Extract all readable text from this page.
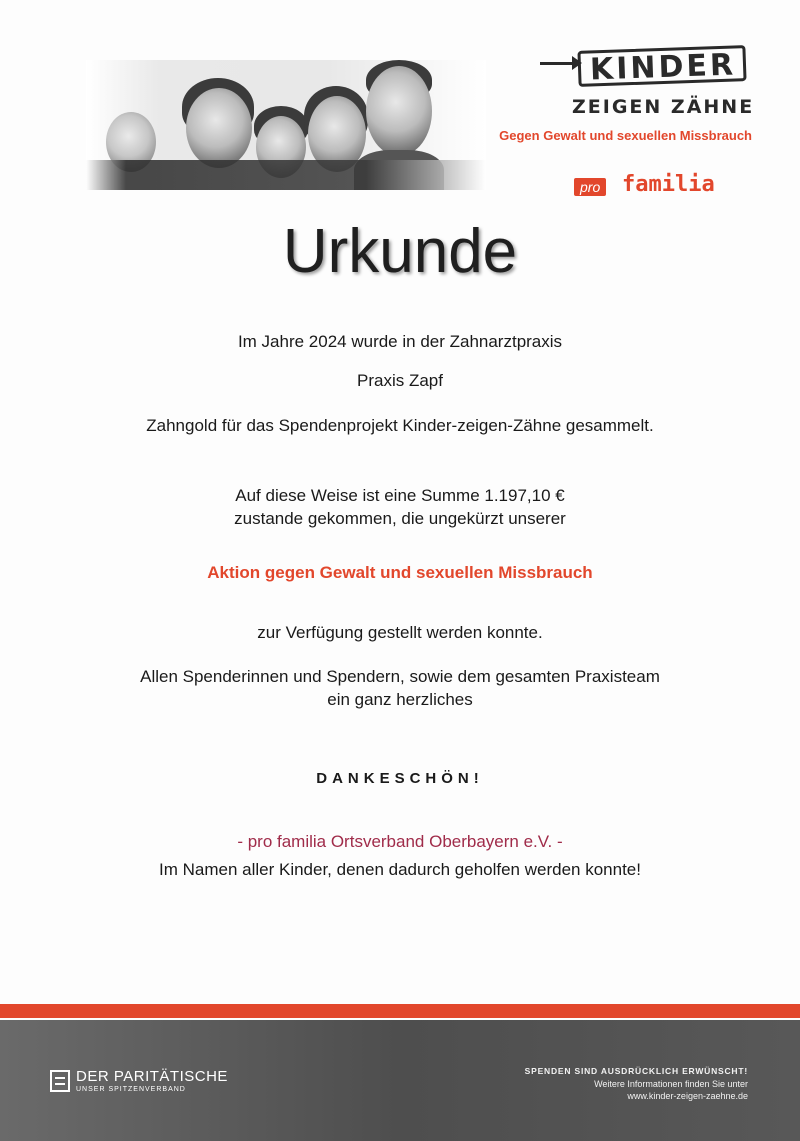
KINDER
ZEIGEN ZÄHNE
Gegen Gewalt und sexuellen Missbrauch
pro familia
Urkunde
Im Jahre 2024 wurde in der Zahnarztpraxis
Praxis Zapf
Zahngold für das Spendenprojekt Kinder-zeigen-Zähne gesammelt.
Auf diese Weise ist eine Summe 1.197,10 €
zustande gekommen, die ungekürzt unserer
Aktion gegen Gewalt und sexuellen Missbrauch
zur Verfügung gestellt werden konnte.
Allen Spenderinnen und Spendern, sowie dem gesamten Praxisteam
ein ganz herzliches
DANKESCHÖN!
- pro familia Ortsverband Oberbayern e.V. -
Im Namen aller Kinder, denen dadurch geholfen werden konnte!
DER PARITÄTISCHE
UNSER SPITZENVERBAND
SPENDEN SIND AUSDRÜCKLICH ERWÜNSCHT!
Weitere Informationen finden Sie unter
www.kinder-zeigen-zaehne.de
